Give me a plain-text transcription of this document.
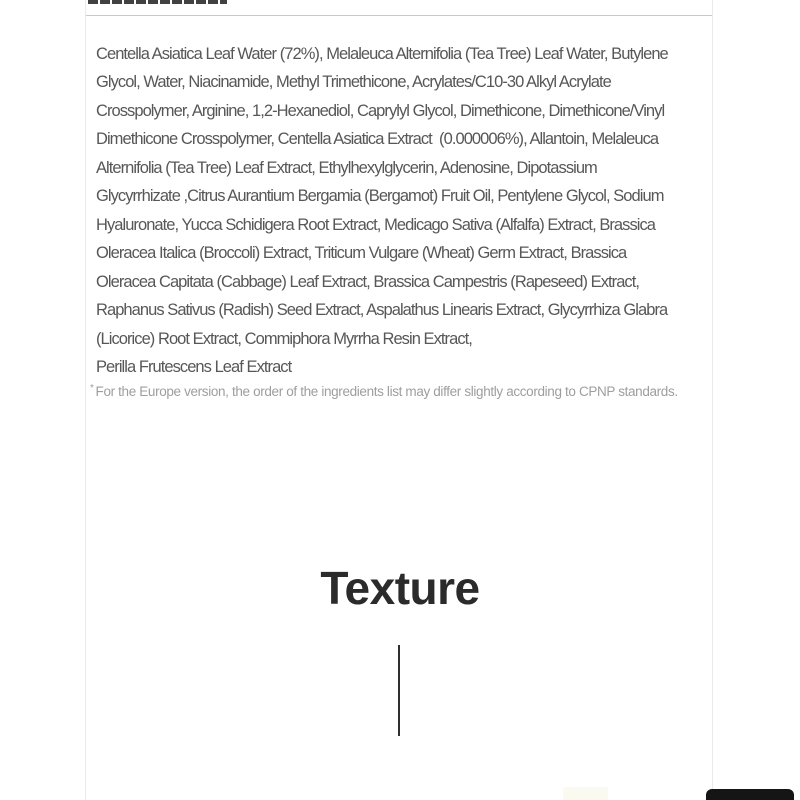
Centella Asiatica Leaf Water (72%), Melaleuca Alternifolia (Tea Tree) Leaf Water, Butylene
Glycol, Water, Niacinamide, Methyl Trimethicone, Acrylates/C10-30 Alkyl Acrylate
Crosspolymer, Arginine, 1,2-Hexanediol, Caprylyl Glycol, Dimethicone, Dimethicone/Vinyl
Dimethicone Crosspolymer, Centella Asiatica Extract  (0.000006%), Allantoin, Melaleuca
Alternifolia (Tea Tree) Leaf Extract, Ethylhexylglycerin, Adenosine, Dipotassium
Glycyrrhizate ,Citrus Aurantium Bergamia (Bergamot) Fruit Oil, Pentylene Glycol, Sodium
Hyaluronate, Yucca Schidigera Root Extract, Medicago Sativa (Alfalfa) Extract, Brassica
Oleracea Italica (Broccoli) Extract, Triticum Vulgare (Wheat) Germ Extract, Brassica
Oleracea Capitata (Cabbage) Leaf Extract, Brassica Campestris (Rapeseed) Extract,
Raphanus Sativus (Radish) Seed Extract, Aspalathus Linearis Extract, Glycyrrhiza Glabra
(Licorice) Root Extract, Commiphora Myrrha Resin Extract,
Perilla Frutescens Leaf Extract
* For the Europe version, the order of the ingredients list may differ slightly according to CPNP standards.
Texture
